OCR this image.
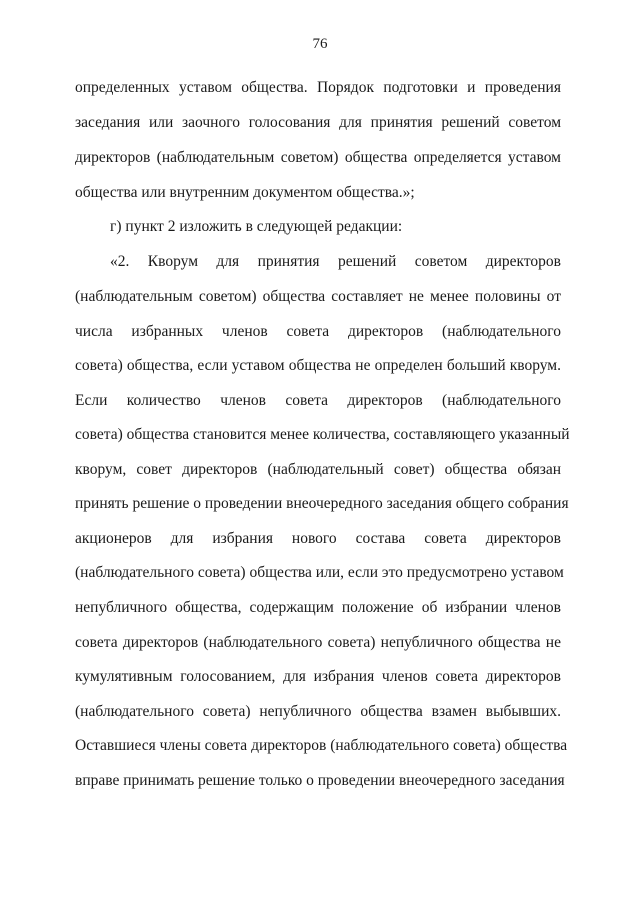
76
определенных уставом общества. Порядок подготовки и проведения
заседания или заочного голосования для принятия решений советом
директоров (наблюдательным советом) общества определяется уставом
общества или внутренним документом общества.»;
г) пункт 2 изложить в следующей редакции:
«2. Кворум для принятия решений советом директоров
(наблюдательным советом) общества составляет не менее половины от
числа избранных членов совета директоров (наблюдательного
совета) общества, если уставом общества не определен больший кворум.
Если количество членов совета директоров (наблюдательного
совета) общества становится менее количества, составляющего указанный
кворум, совет директоров (наблюдательный совет) общества обязан
принять решение о проведении внеочередного заседания общего собрания
акционеров для избрания нового состава совета директоров
(наблюдательного совета) общества или, если это предусмотрено уставом
непубличного общества, содержащим положение об избрании членов
совета директоров (наблюдательного совета) непубличного общества не
кумулятивным голосованием, для избрания членов совета директоров
(наблюдательного совета) непубличного общества взамен выбывших.
Оставшиеся члены совета директоров (наблюдательного совета) общества
вправе принимать решение только о проведении внеочередного заседания
